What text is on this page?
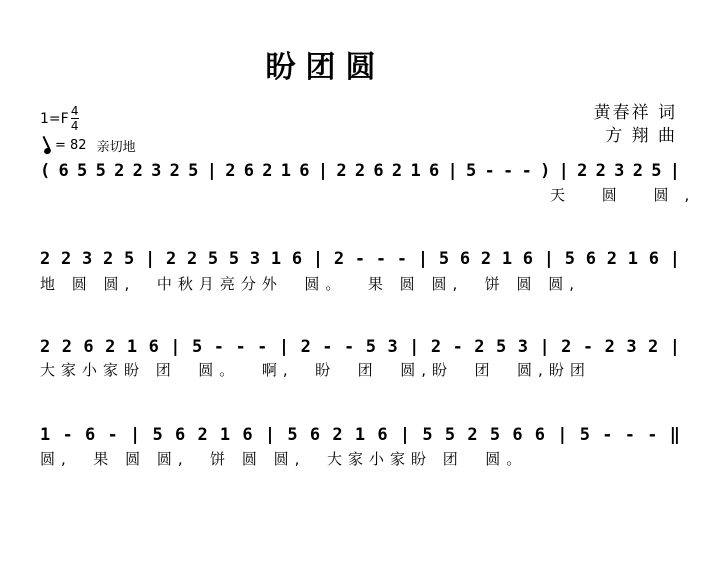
盼团圆
黄春祥 词
方 翔 曲
$1=F \frac{4}{4}$
= 82 亲切地
( 6 5 5 2 2 3 2 5 | 2 6 2 1 6 | 2 2 6 2 1 6 | 5 - - - ) | 2 2 3 2 5 |
2 2 3 2 5 | 2 2 5 5 3 1 6 | 2 - - - | 5 6 2 1 6 | 5 6 2 1 6 |
2 2 6 2 1 6 | 5 - - - | 2 - - 5 3 | 2 - 2 5 3 | 2 - 2 3 2 |
1 - 6 - | 5 6 2 1 6 | 5 6 2 1 6 | 5 5 2 5 6 6 | 5 - - - ‖
天 圆 圆,
地 圆 圆,  中秋月亮分外  圆。  果 圆 圆,  饼 圆 圆,
大家小家盼 团  圆。  啊,  盼  团  圆,盼  团  圆,盼团
圆,  果 圆 圆,  饼 圆 圆,  大家小家盼 团  圆。
